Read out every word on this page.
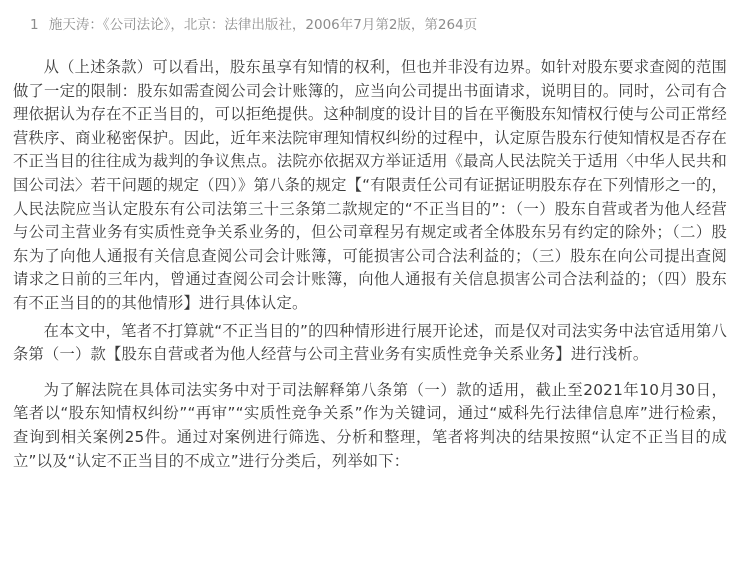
1 施天涛：《公司法论》，北京：法律出版社，2006年7月第2版，第264页

从（上述条款）可以看出，股东虽享有知情的权利，但也并非没有边界。如针对股东要求查阅的范围做了一定的限制：股东如需查阅公司会计账簿的，应当向公司提出书面请求，说明目的。同时，公司有合理依据认为存在不正当目的，可以拒绝提供。这种制度的设计目的旨在平衡股东知情权行使与公司正常经营秩序、商业秘密保护。因此，近年来法院审理知情权纠纷的过程中，认定原告股东行使知情权是否存在不正当目的往往成为裁判的争议焦点。法院亦依据双方举证适用《最高人民法院关于适用〈中华人民共和国公司法〉若干问题的规定（四）》第八条的规定【“有限责任公司有证据证明股东存在下列情形之一的，人民法院应当认定股东有公司法第三十三条第二款规定的“不正当目的”：（一）股东自营或者为他人经营与公司主营业务有实质性竞争关系业务的，但公司章程另有规定或者全体股东另有约定的除外；（二）股东为了向他人通报有关信息查阅公司会计账簿，可能损害公司合法利益的；（三）股东在向公司提出查阅请求之日前的三年内，曾通过查阅公司会计账簿，向他人通报有关信息损害公司合法利益的；（四）股东有不正当目的的其他情形】进行具体认定。

在本文中，笔者不打算就“不正当目的”的四种情形进行展开论述，而是仅对司法实务中法官适用第八条第（一）款【股东自营或者为他人经营与公司主营业务有实质性竞争关系业务】进行浅析。

为了解法院在具体司法实务中对于司法解释第八条第（一）款的适用，截止至2021年10月30日，笔者以“股东知情权纠纷”“再审”“实质性竞争关系”作为关键词，通过“威科先行法律信息库”进行检索，查询到相关案例25件。通过对案例进行筛选、分析和整理，笔者将判决的结果按照“认定不正当目的成立”以及“认定不正当目的不成立”进行分类后，列举如下：
